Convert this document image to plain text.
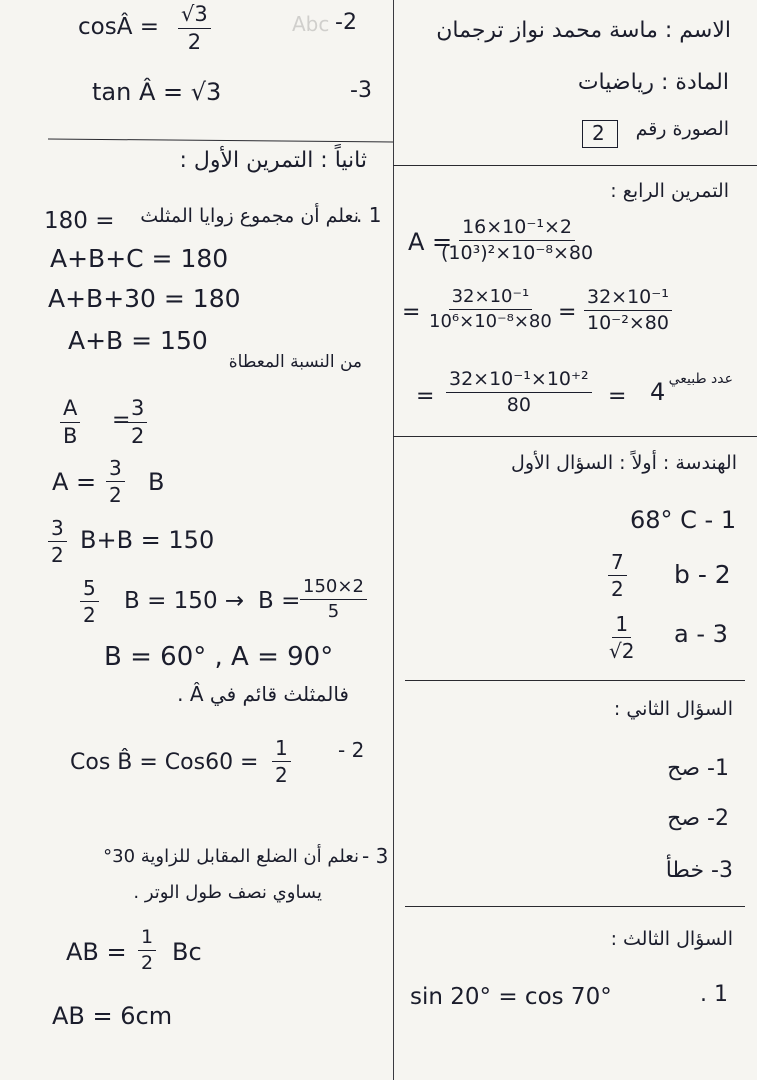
cosÂ = $\frac{√3}{2}$	Abc -2
tan Â = √3	-3
ثانياً : التمرين الأول :
180 = نعلم أن مجموع زوايا المثلث
1 .
A+B+C = 180
A+B+30 = 180
A+B = 150
من النسبة المعطاة
$\frac{A}{B}$ =
$\frac{3}{2}$
$A = \frac{3}{2}$ B
$\frac{3}{2} B+B = 150$
$\frac{5}{2}$ $B = 150 \to B = \frac{150\times 2}{5}$
B = 60° , A = 90°
فالمثلث قائم في Â .
Cos B̂ = $Cos60 = \frac{1}{2} - 2$
نعلم أن الضلع المقابل للزاوية 30° 3 -
يساوي نصف طول الوتر .
AB = $\frac{1}{2}$ Bc
AB = 6cm
الاسم : ماسة محمد نواز ترجمان
المادة : رياضيات
الصورة رقم
2
التمرين الرابع :
A =
$\frac{\text{16×10⁻¹×2}}{\text{(10³)²×10⁻⁸×80}}$
= $\frac{\text{32×10⁻¹}}{\text{10⁶×10⁻⁸×80}} = \frac{\text{32×10⁻¹}}{\text{10⁻²×80}}$
= $\frac{\text{32×10⁻¹×10⁺²}}{80} = 4$ عدد طبيعي
الهندسة : أولاً : السؤال الأول
68° C - 1
$\frac{7}{2}$ b - 2
$\frac{1}{√2}$ a - 3
السؤال الثاني :
1- صح
2- صح
3- خطأ
السؤال الثالث :
sin 20° = cos 70°	1 .
